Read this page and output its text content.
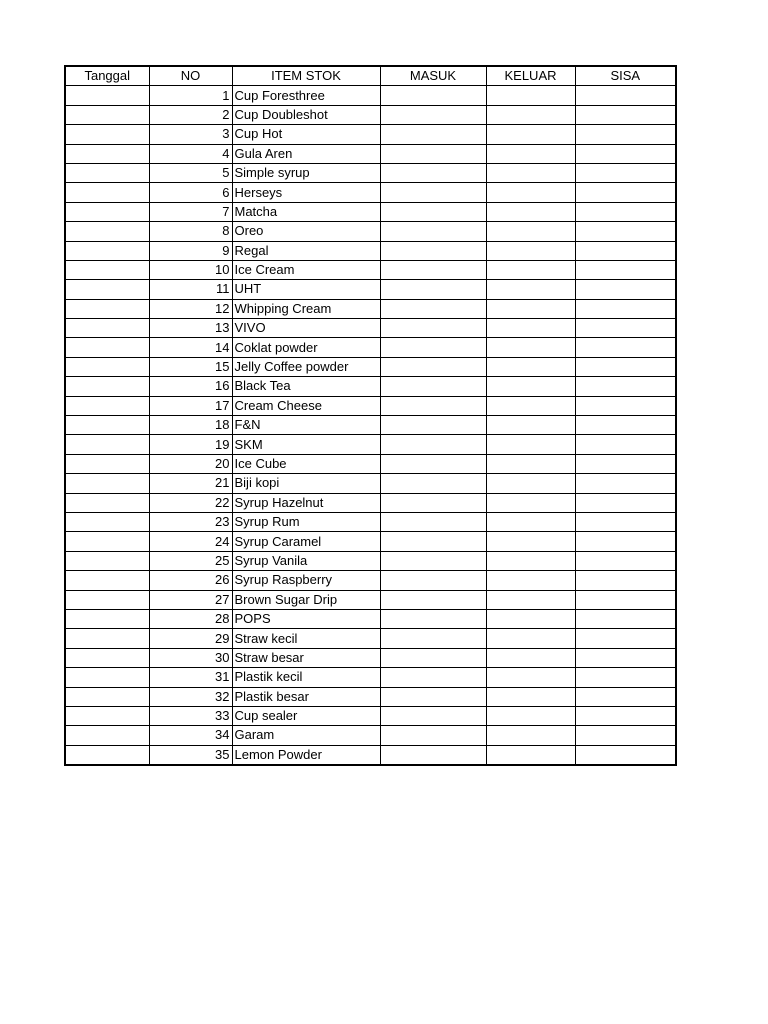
Tanggal	NO	ITEM STOK	MASUK	KELUAR	SISA
	1	Cup Foresthree			
	2	Cup Doubleshot			
	3	Cup Hot			
	4	Gula Aren			
	5	Simple syrup			
	6	Herseys			
	7	Matcha			
	8	Oreo			
	9	Regal			
	10	Ice Cream			
	11	UHT			
	12	Whipping Cream			
	13	VIVO			
	14	Coklat powder			
	15	Jelly Coffee powder			
	16	Black Tea			
	17	Cream Cheese			
	18	F&N			
	19	SKM			
	20	Ice Cube			
	21	Biji kopi			
	22	Syrup Hazelnut			
	23	Syrup Rum			
	24	Syrup Caramel			
	25	Syrup Vanila			
	26	Syrup Raspberry			
	27	Brown Sugar Drip			
	28	POPS			
	29	Straw kecil			
	30	Straw besar			
	31	Plastik kecil			
	32	Plastik besar			
	33	Cup sealer			
	34	Garam			
	35	Lemon Powder			
